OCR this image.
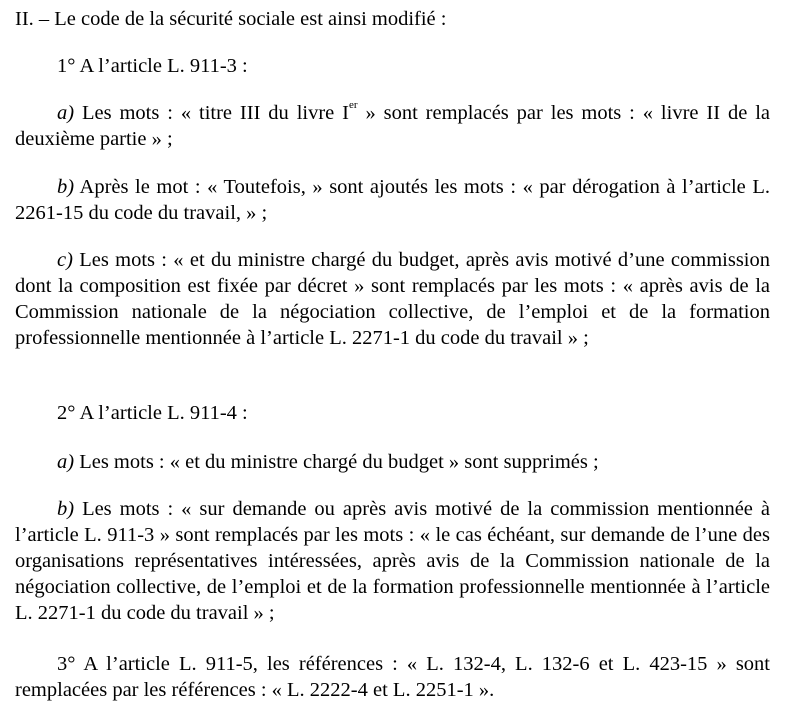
II. – Le code de la sécurité sociale est ainsi modifié :

1° A l’article L. 911-3 :

a) Les mots : « titre III du livre Ier » sont remplacés par les mots : « livre II de la deuxième partie » ;

b) Après le mot : « Toutefois, » sont ajoutés les mots : « par dérogation à l’article L. 2261-15 du code du travail, » ;

c) Les mots : « et du ministre chargé du budget, après avis motivé d’une commission dont la composition est fixée par décret » sont remplacés par les mots : « après avis de la Commission nationale de la négociation collective, de l’emploi et de la formation professionnelle mentionnée à l’article L. 2271-1 du code du travail » ;

2° A l’article L. 911-4 :

a) Les mots : « et du ministre chargé du budget » sont supprimés ;

b) Les mots : « sur demande ou après avis motivé de la commission mentionnée à l’article L. 911-3 » sont remplacés par les mots : « le cas échéant, sur demande de l’une des organisations représentatives intéressées, après avis de la Commission nationale de la négociation collective, de l’emploi et de la formation professionnelle mentionnée à l’article L. 2271-1 du code du travail » ;

3° A l’article L. 911-5, les références : « L. 132-4, L. 132-6 et L. 423-15 » sont remplacées par les références : « L. 2222-4 et L. 2251-1 ».
